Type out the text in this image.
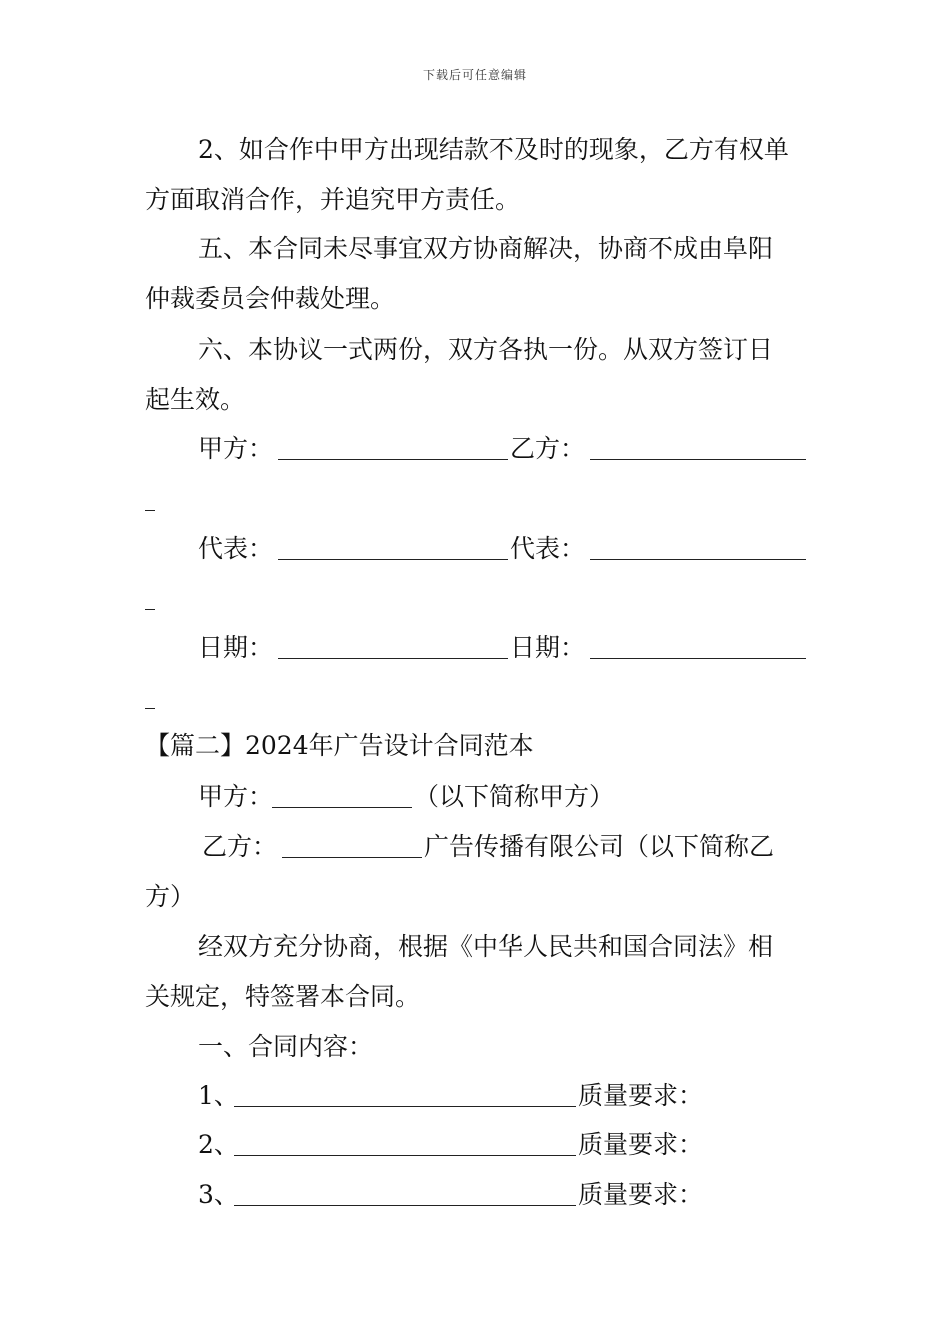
下载后可任意编辑
2、如合作中甲方出现结款不及时的现象，乙方有权单
方面取消合作，并追究甲方责任。
五、本合同未尽事宜双方协商解决，协商不成由阜阳
仲裁委员会仲裁处理。
六、本协议一式两份，双方各执一份。从双方签订日
起生效。
甲方：	乙方：
代表：	代表：
日期：	日期：
【篇二】2024年广告设计合同范本
甲方：	（以下简称甲方）
乙方：	广告传播有限公司（以下简称乙
方）
经双方充分协商，根据《中华人民共和国合同法》相
关规定，特签署本合同。
一、合同内容：
1、	质量要求：
2、	质量要求：
3、	质量要求：
